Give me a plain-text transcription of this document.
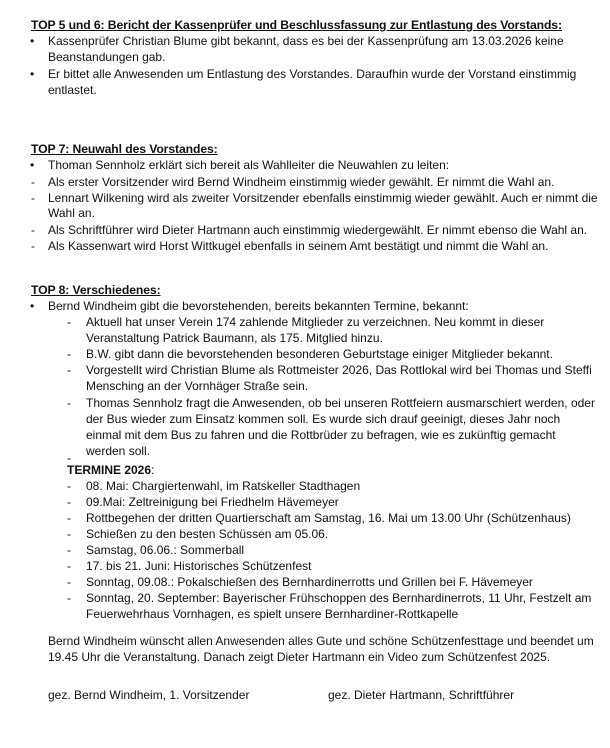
TOP 5 und 6: Bericht der Kassenprüfer und Beschlussfassung zur Entlastung des Vorstands:
• Kassenprüfer Christian Blume gibt bekannt, dass es bei der Kassenprüfung am 13.03.2026 keine
Beanstandungen gab.
• Er bittet alle Anwesenden um Entlastung des Vorstandes. Daraufhin wurde der Vorstand einstimmig
entlastet.
TOP 7: Neuwahl des Vorstandes:
• Thoman Sennholz erklärt sich bereit als Wahlleiter die Neuwahlen zu leiten:
- Als erster Vorsitzender wird Bernd Windheim einstimmig wieder gewählt. Er nimmt die Wahl an.
- Lennart Wilkening wird als zweiter Vorsitzender ebenfalls einstimmig wieder gewählt. Auch er nimmt die
Wahl an.
- Als Schriftführer wird Dieter Hartmann auch einstimmig wiedergewählt. Er nimmt ebenso die Wahl an.
- Als Kassenwart wird Horst Wittkugel ebenfalls in seinem Amt bestätigt und nimmt die Wahl an.
TOP 8: Verschiedenes:
• Bernd Windheim gibt die bevorstehenden, bereits bekannten Termine, bekannt:
- Aktuell hat unser Verein 174 zahlende Mitglieder zu verzeichnen. Neu kommt in dieser
Veranstaltung Patrick Baumann, als 175. Mitglied hinzu.
- B.W. gibt dann die bevorstehenden besonderen Geburtstage einiger Mitglieder bekannt.
- Vorgestellt wird Christian Blume als Rottmeister 2026, Das Rottlokal wird bei Thomas und Steffi
Mensching an der Vornhäger Straße sein.
- Thomas Sennholz fragt die Anwesenden, ob bei unseren Rottfeiern ausmarschiert werden, oder
der Bus wieder zum Einsatz kommen soll. Es wurde sich drauf geeinigt, dieses Jahr noch
einmal mit dem Bus zu fahren und die Rottbrüder zu befragen, wie es zukünftig gemacht
werden soll.
-
TERMINE 2026:
- 08. Mai: Chargiertenwahl, im Ratskeller Stadthagen
- 09.Mai: Zeltreinigung bei Friedhelm Hävemeyer
- Rottbegehen der dritten Quartierschaft am Samstag, 16. Mai um 13.00 Uhr (Schützenhaus)
- Schießen zu den besten Schüssen am 05.06.
- Samstag, 06.06.: Sommerball
- 17. bis 21. Juni: Historisches Schützenfest
- Sonntag, 09.08.: Pokalschießen des Bernhardinerrotts und Grillen bei F. Hävemeyer
- Sonntag, 20. September: Bayerischer Frühschoppen des Bernhardinerrots, 11 Uhr, Festzelt am
Feuerwehrhaus Vornhagen, es spielt unsere Bernhardiner-Rottkapelle
Bernd Windheim wünscht allen Anwesenden alles Gute und schöne Schützenfesttage und beendet um
19.45 Uhr die Veranstaltung. Danach zeigt Dieter Hartmann ein Video zum Schützenfest 2025.
gez. Bernd Windheim, 1. Vorsitzender	gez. Dieter Hartmann, Schriftführer
